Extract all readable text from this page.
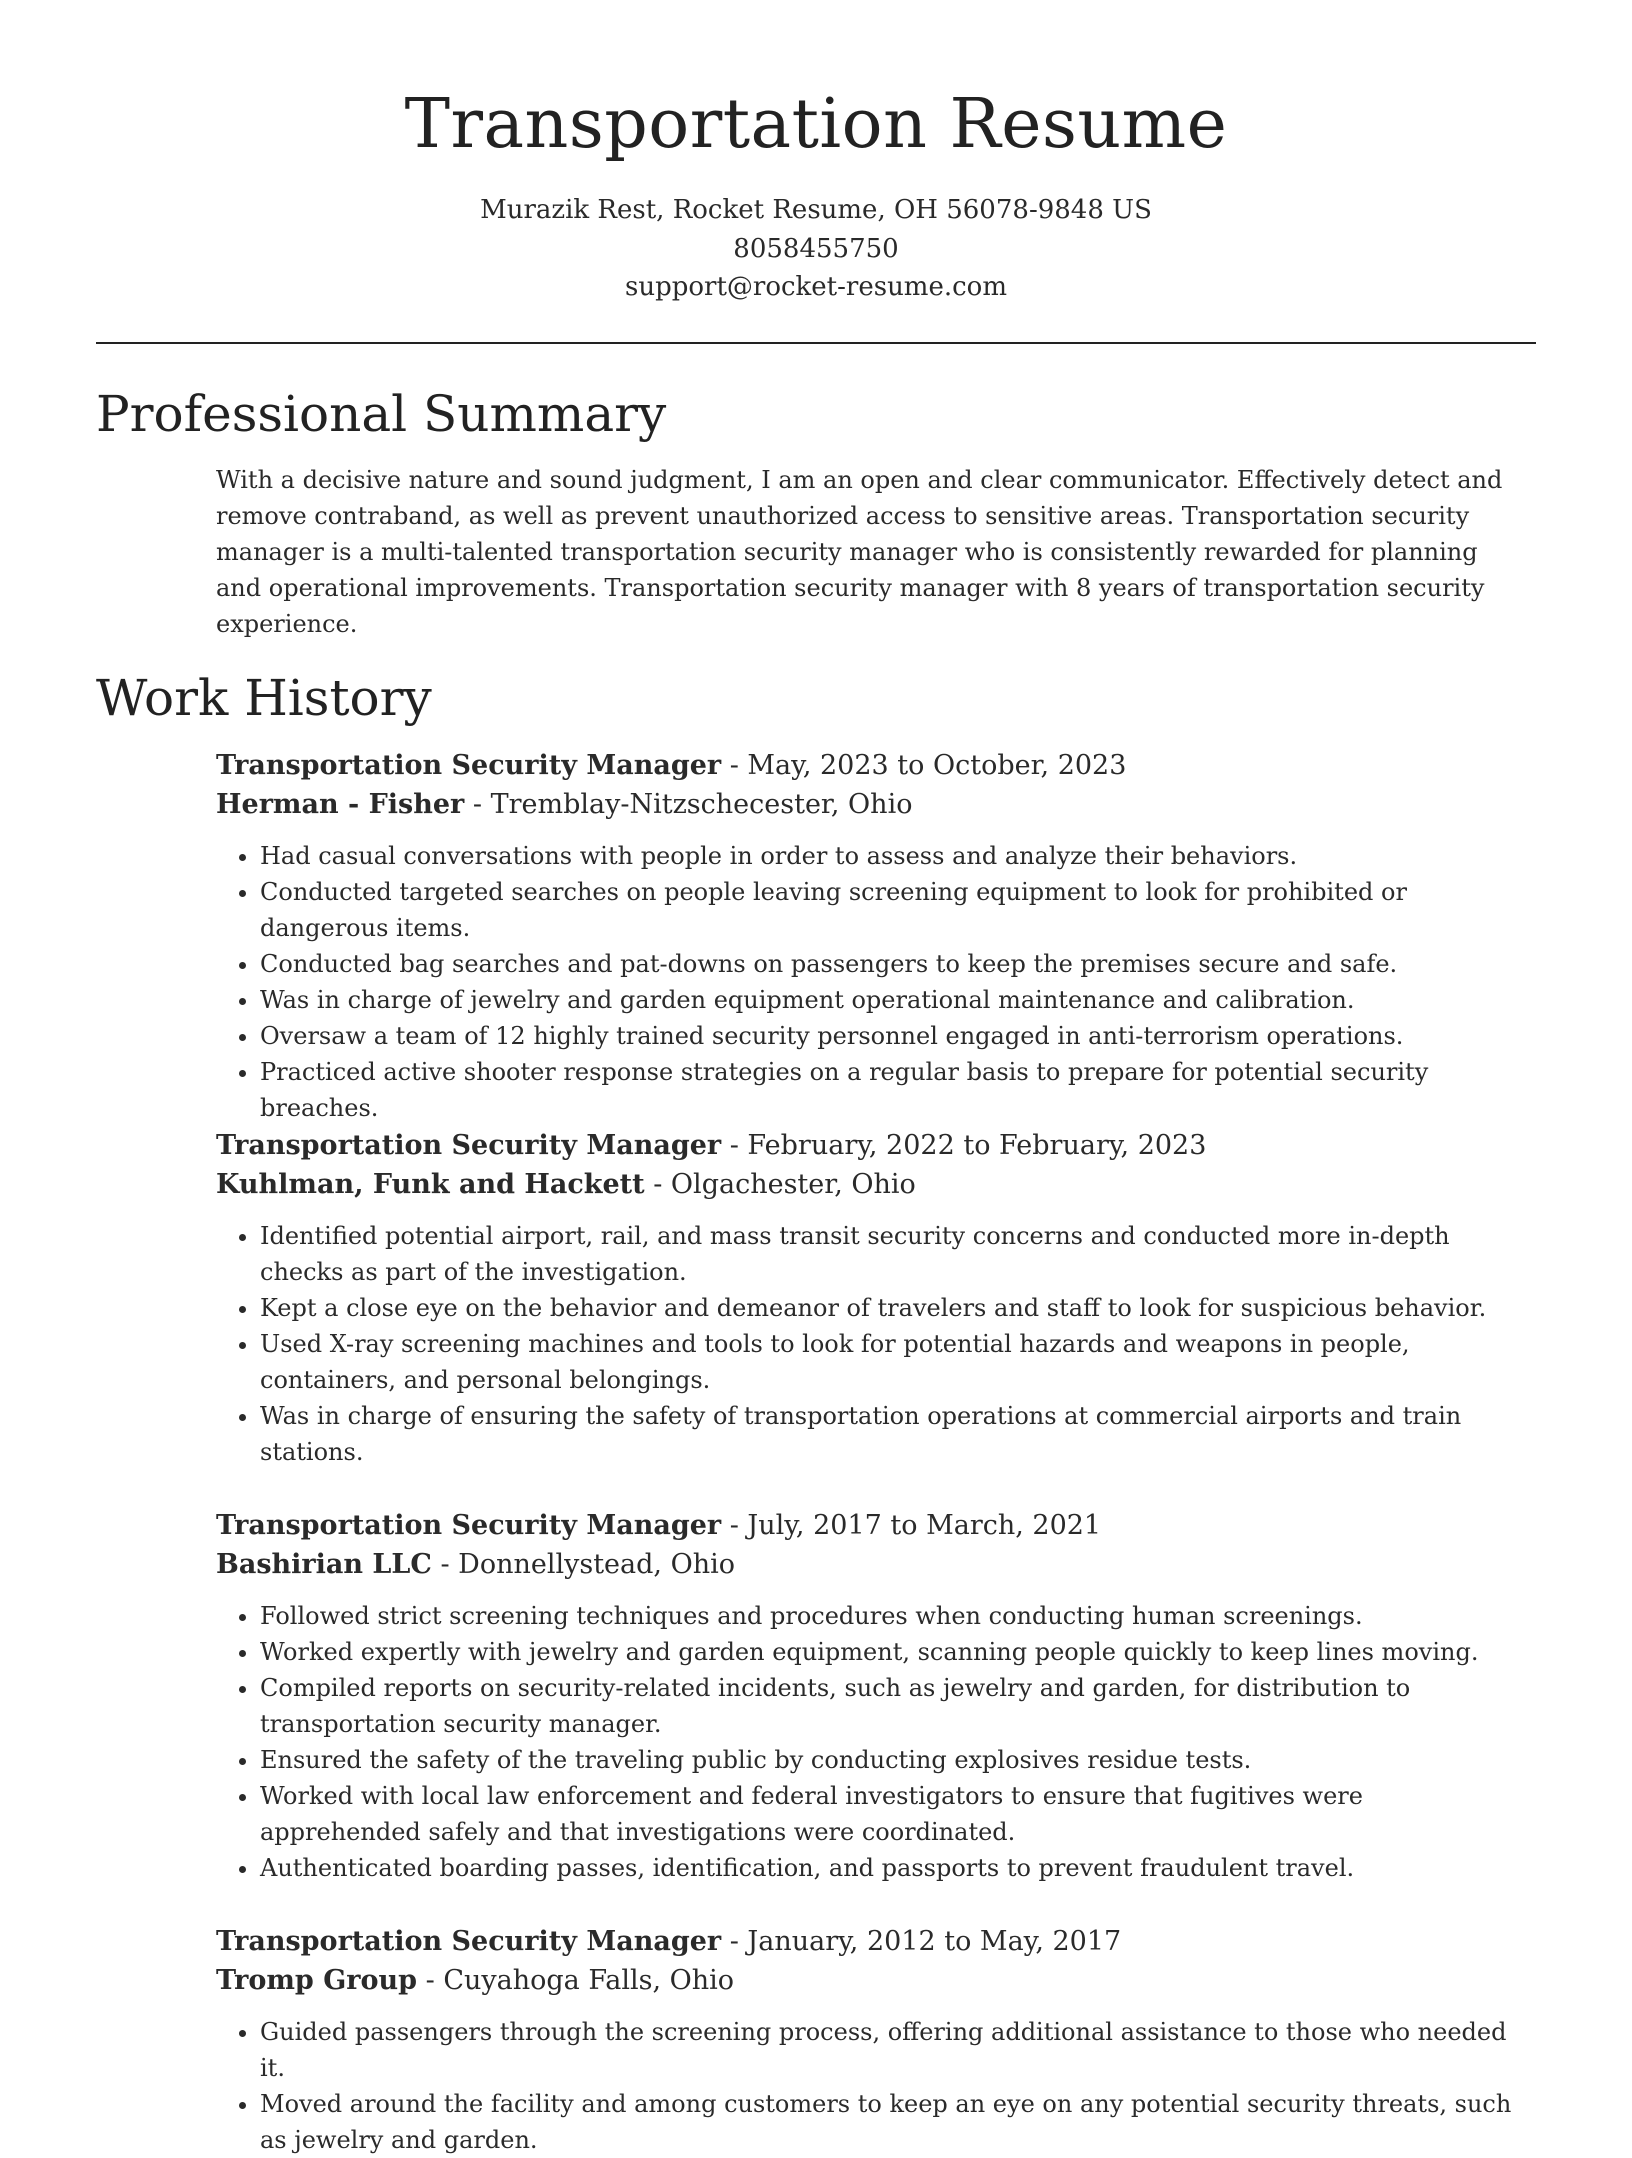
Transportation Resume
Murazik Rest, Rocket Resume, OH 56078-9848 US
8058455750
support@rocket-resume.com
Professional Summary

With a decisive nature and sound judgment, I am an open and clear communicator. Effectively detect and remove contraband, as well as prevent unauthorized access to sensitive areas. Transportation security manager is a multi-talented transportation security manager who is consistently rewarded for planning and operational improvements. Transportation security manager with 8 years of transportation security experience.

Work History
Transportation Security Manager - May, 2023 to October, 2023
Herman - Fisher - Tremblay-Nitzschecester, Ohio
• Had casual conversations with people in order to assess and analyze their behaviors.
• Conducted targeted searches on people leaving screening equipment to look for prohibited or dangerous items.
• Conducted bag searches and pat-downs on passengers to keep the premises secure and safe.
• Was in charge of jewelry and garden equipment operational maintenance and calibration.
• Oversaw a team of 12 highly trained security personnel engaged in anti-terrorism operations.
• Practiced active shooter response strategies on a regular basis to prepare for potential security breaches.
Transportation Security Manager - February, 2022 to February, 2023
Kuhlman, Funk and Hackett - Olgachester, Ohio
• Identified potential airport, rail, and mass transit security concerns and conducted more in-depth checks as part of the investigation.
• Kept a close eye on the behavior and demeanor of travelers and staff to look for suspicious behavior.
• Used X-ray screening machines and tools to look for potential hazards and weapons in people, containers, and personal belongings.
• Was in charge of ensuring the safety of transportation operations at commercial airports and train stations.
Transportation Security Manager - July, 2017 to March, 2021
Bashirian LLC - Donnellystead, Ohio
• Followed strict screening techniques and procedures when conducting human screenings.
• Worked expertly with jewelry and garden equipment, scanning people quickly to keep lines moving.
• Compiled reports on security-related incidents, such as jewelry and garden, for distribution to transportation security manager.
• Ensured the safety of the traveling public by conducting explosives residue tests.
• Worked with local law enforcement and federal investigators to ensure that fugitives were apprehended safely and that investigations were coordinated.
• Authenticated boarding passes, identification, and passports to prevent fraudulent travel.
Transportation Security Manager - January, 2012 to May, 2017
Tromp Group - Cuyahoga Falls, Ohio
• Guided passengers through the screening process, offering additional assistance to those who needed it.
• Moved around the facility and among customers to keep an eye on any potential security threats, such as jewelry and garden.
